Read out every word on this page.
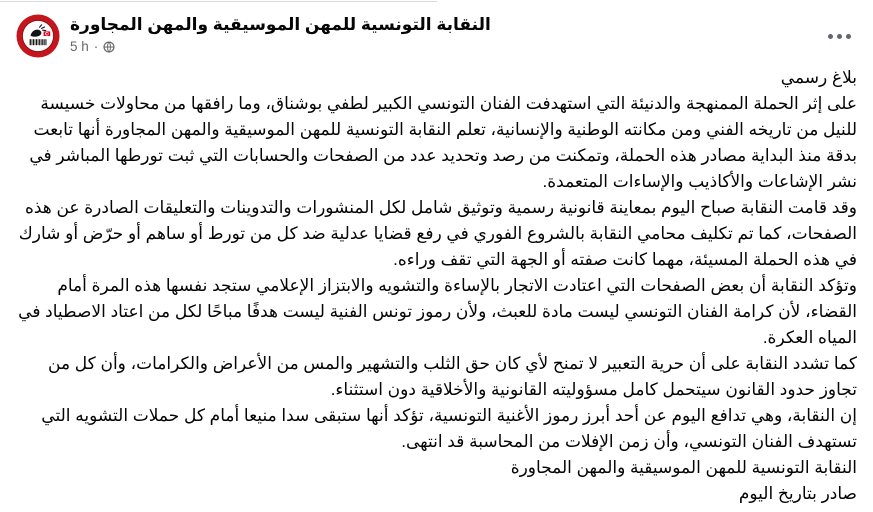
النقابة التونسية للمهن الموسيقية والمهن المجاورة
5 h ·
بلاغ رسمي
على إثر الحملة الممنهجة والدنيئة التي استهدفت الفنان التونسي الكبير لطفي بوشناق، وما رافقها من محاولات خسيسة للنيل من تاريخه الفني ومن مكانته الوطنية والإنسانية، تعلم النقابة التونسية للمهن الموسيقية والمهن المجاورة أنها تابعت بدقة منذ البداية مصادر هذه الحملة، وتمكنت من رصد وتحديد عدد من الصفحات والحسابات التي ثبت تورطها المباشر في نشر الإشاعات والأكاذيب والإساءات المتعمدة.
وقد قامت النقابة صباح اليوم بمعاينة قانونية رسمية وتوثيق شامل لكل المنشورات والتدوينات والتعليقات الصادرة عن هذه الصفحات، كما تم تكليف محامي النقابة بالشروع الفوري في رفع قضايا عدلية ضد كل من تورط أو ساهم أو حرّض أو شارك في هذه الحملة المسيئة، مهما كانت صفته أو الجهة التي تقف وراءه.
وتؤكد النقابة أن بعض الصفحات التي اعتادت الاتجار بالإساءة والتشويه والابتزاز الإعلامي ستجد نفسها هذه المرة أمام القضاء، لأن كرامة الفنان التونسي ليست مادة للعبث، ولأن رموز تونس الفنية ليست هدفًا مباحًا لكل من اعتاد الاصطياد في المياه العكرة.
كما تشدد النقابة على أن حرية التعبير لا تمنح لأي كان حق الثلب والتشهير والمس من الأعراض والكرامات، وأن كل من تجاوز حدود القانون سيتحمل كامل مسؤوليته القانونية والأخلاقية دون استثناء.
إن النقابة، وهي تدافع اليوم عن أحد أبرز رموز الأغنية التونسية، تؤكد أنها ستبقى سدا منيعا أمام كل حملات التشويه التي تستهدف الفنان التونسي، وأن زمن الإفلات من المحاسبة قد انتهى.
النقابة التونسية للمهن الموسيقية والمهن المجاورة
صادر بتاريخ اليوم
